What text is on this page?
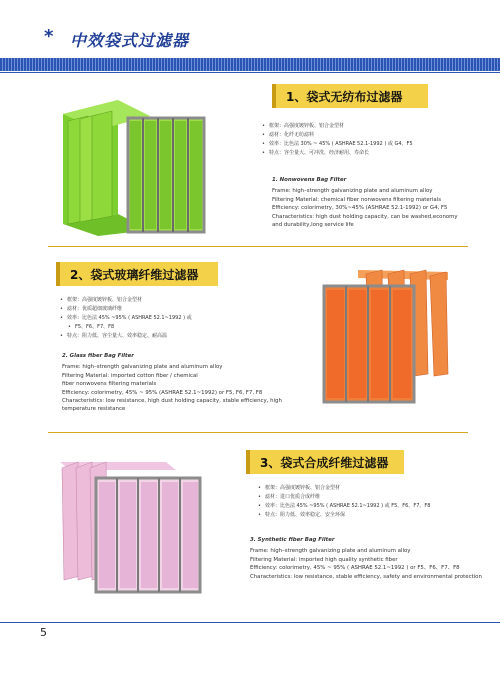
* 中效袋式过滤器
1、袋式无纺布过滤器
• 框架：高强度镀锌板、铝合金型材
• 滤材：化纤无纺滤料
• 效率：比色法 30% ~ 45% ( ASHRAE 52.1-1992 ) 或 G4、F5
• 特点：容尘量大、可冲洗、经济耐用、寿命长
1. Nonwovens Bag Filter
Frame: high–strength galvanizing plate and aluminum alloy
Filtering Material: chemical fiber nonwovens filtering materials
Efficiency: colorimetry, 30%~45% (ASHRAE 52.1-1992) or G4, F5
Characteristics: high dust holding capacity, can be washed,economy
and durability,long service life
2、袋式玻璃纤维过滤器
• 框架：高强度镀锌板、铝合金型材
• 滤材：优质超细玻璃纤维
• 效率：比色法 45% ~95% ( ASHRAE 52.1~1992 ) 或
• F5、F6、F7、F8
• 特点：阻力低、容尘量大、效率稳定、耐高温
2. Glass fiber Bag Filter
Frame: high–strength galvanizing plate and aluminum alloy
Filtering Material: imported cotton fiber / chemical
fiber nonwovens filtering materials
Efficiency: colorimetry, 45% ~ 95% (ASHRAE 52.1~1992) or F5, F6, F7, F8
Characteristics: low resistance, high dust holding capacity, stable efficiency, high
temperature resistance
3、袋式合成纤维过滤器
• 框架：高强度镀锌板、铝合金型材
• 滤材：进口优质合成纤维
• 效率：比色法 45% ~95% ( ASHRAE 52.1~1992 ) 或 F5、F6、F7、F8
• 特点：阻力低、效率稳定、安全环保
3. Synthetic fiber Bag Filter
Frame: high–strength galvanizing plate and aluminum alloy
Filtering Material: imported high quality synthetic fiber
Efficiency: colorimetry, 45% ~ 95% ( ASHRAE 52.1~1992 ) or F5、F6、F7、F8
Characteristics: low resistance, stable efficiency, safety and environmental protection
5
